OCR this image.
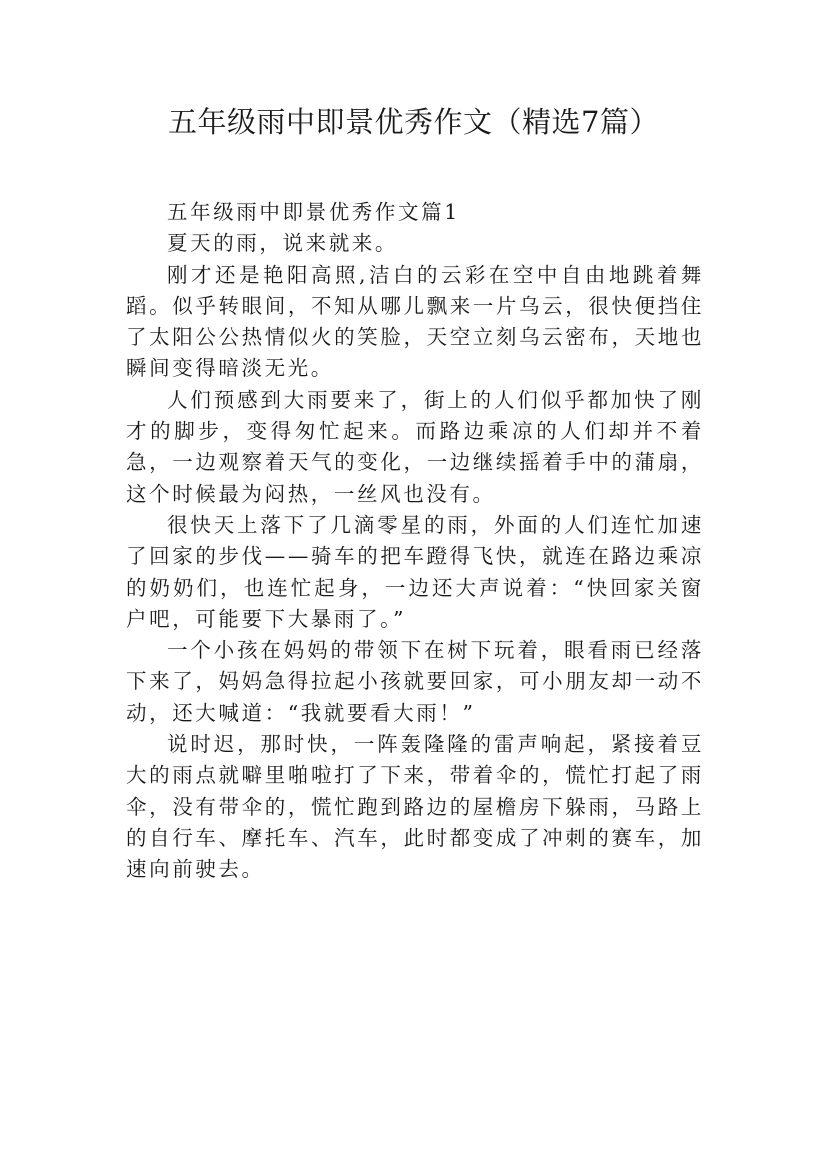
五年级雨中即景优秀作文（精选7篇）

五年级雨中即景优秀作文篇1

夏天的雨，说来就来。

刚才还是艳阳高照,洁白的云彩在空中自由地跳着舞蹈。似乎转眼间，不知从哪儿飘来一片乌云，很快便挡住了太阳公公热情似火的笑脸，天空立刻乌云密布，天地也瞬间变得暗淡无光。

人们预感到大雨要来了，街上的人们似乎都加快了刚才的脚步，变得匆忙起来。而路边乘凉的人们却并不着急，一边观察着天气的变化，一边继续摇着手中的蒲扇，这个时候最为闷热，一丝风也没有。

很快天上落下了几滴零星的雨，外面的人们连忙加速了回家的步伐——骑车的把车蹬得飞快，就连在路边乘凉的奶奶们，也连忙起身，一边还大声说着：“快回家关窗户吧，可能要下大暴雨了。”

一个小孩在妈妈的带领下在树下玩着，眼看雨已经落下来了，妈妈急得拉起小孩就要回家，可小朋友却一动不动，还大喊道：“我就要看大雨！”

说时迟，那时快，一阵轰隆隆的雷声响起，紧接着豆大的雨点就噼里啪啦打了下来，带着伞的，慌忙打起了雨伞，没有带伞的，慌忙跑到路边的屋檐房下躲雨，马路上的自行车、摩托车、汽车，此时都变成了冲刺的赛车，加速向前驶去。
